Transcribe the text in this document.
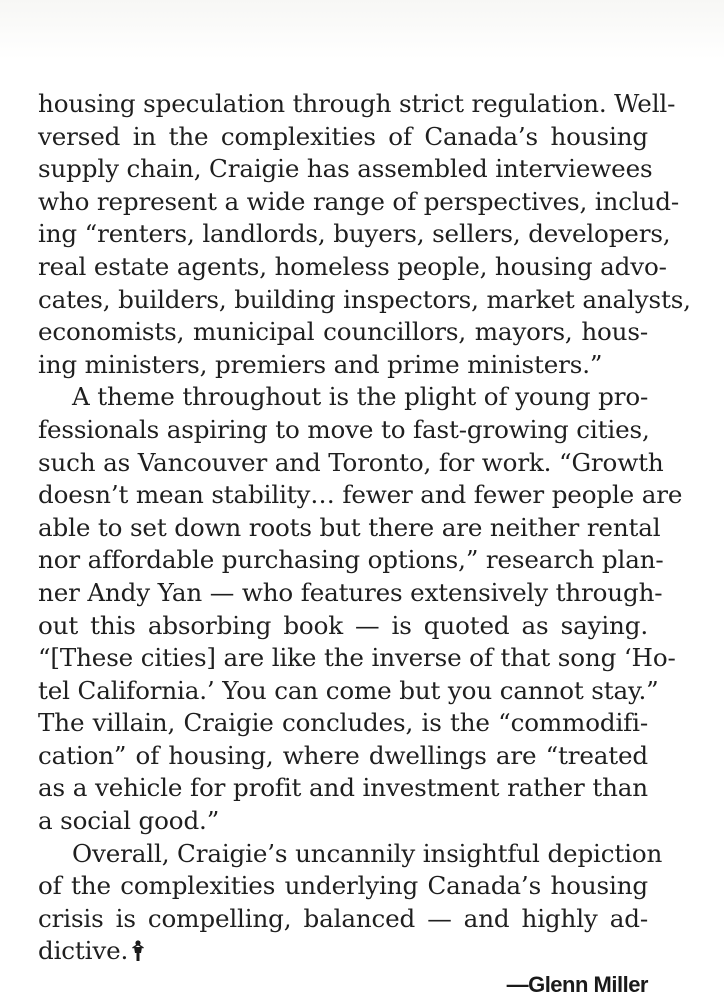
housing speculation through strict regulation. Well-
versed in the complexities of Canada’s housing
supply chain, Craigie has assembled interviewees
who represent a wide range of perspectives, includ-
ing “renters, landlords, buyers, sellers, developers,
real estate agents, homeless people, housing advo-
cates, builders, building inspectors, market analysts,
economists, municipal councillors, mayors, hous-
ing ministers, premiers and prime ministers.”
A theme throughout is the plight of young pro-
fessionals aspiring to move to fast-growing cities,
such as Vancouver and Toronto, for work. “Growth
doesn’t mean stability… fewer and fewer people are
able to set down roots but there are neither rental
nor affordable purchasing options,” research plan-
ner Andy Yan — who features extensively through-
out this absorbing book — is quoted as saying.
“[These cities] are like the inverse of that song ‘Ho-
tel California.’ You can come but you cannot stay.”
The villain, Craigie concludes, is the “commodifi-
cation” of housing, where dwellings are “treated
as a vehicle for profit and investment rather than
a social good.”
Overall, Craigie’s uncannily insightful depiction
of the complexities underlying Canada’s housing
crisis is compelling, balanced — and highly ad-
dictive.
—Glenn Miller
